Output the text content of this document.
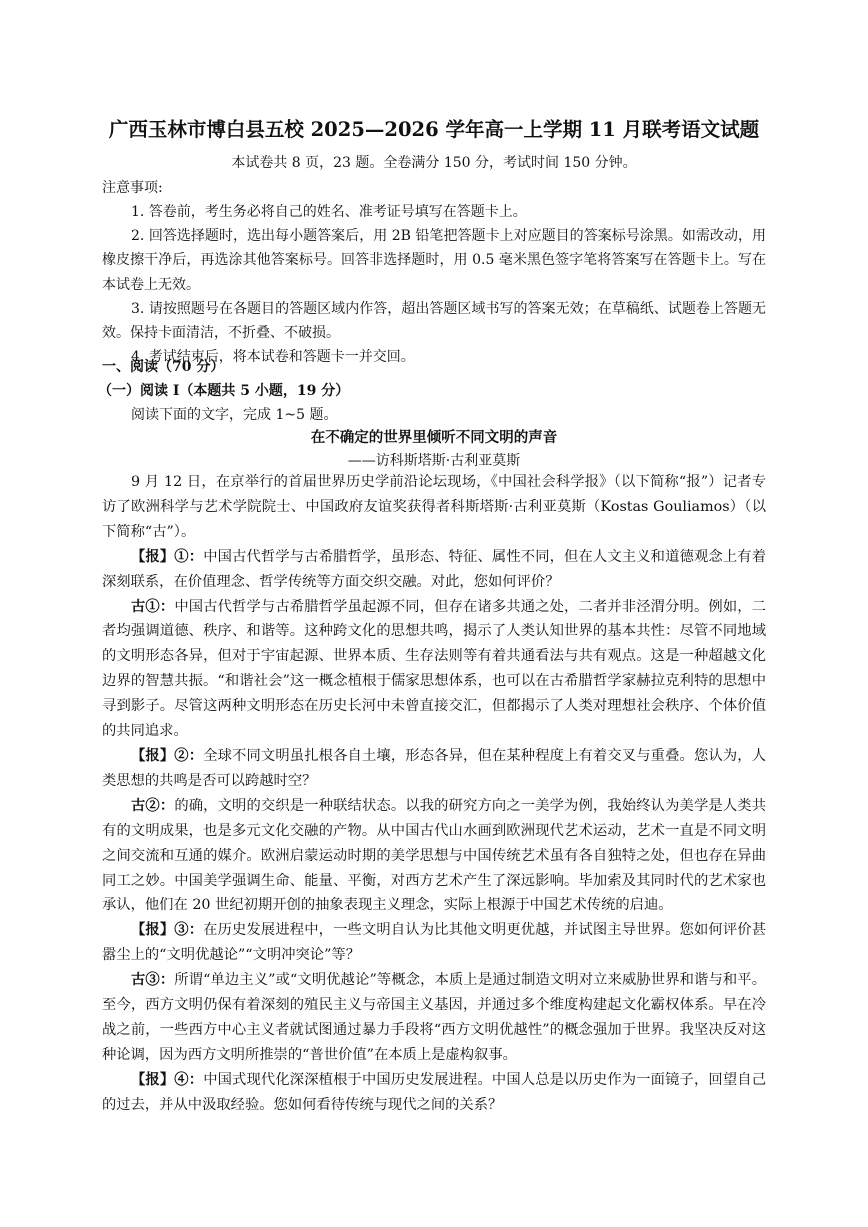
广西玉林市博白县五校 2025—2026 学年高一上学期 11 月联考语文试题
本试卷共 8 页，23 题。全卷满分 150 分，考试时间 150 分钟。

注意事项:

1. 答卷前，考生务必将自己的姓名、准考证号填写在答题卡上。

2. 回答选择题时，选出每小题答案后，用 2B 铅笔把答题卡上对应题目的答案标号涂黑。如需改动，用橡皮擦干净后，再选涂其他答案标号。回答非选择题时，用 0.5 毫米黑色签字笔将答案写在答题卡上。写在本试卷上无效。

3. 请按照题号在各题目的答题区域内作答，超出答题区域书写的答案无效；在草稿纸、试题卷上答题无效。保持卡面清洁，不折叠、不破损。

4. 考试结束后，将本试卷和答题卡一并交回。

一、阅读（70 分）

（一）阅读 I（本题共 5 小题，19 分）

阅读下面的文字，完成 1~5 题。

在不确定的世界里倾听不同文明的声音
——访科斯塔斯·古利亚莫斯

9 月 12 日，在京举行的首届世界历史学前沿论坛现场，《中国社会科学报》（以下简称“报”）记者专访了欧洲科学与艺术学院院士、中国政府友谊奖获得者科斯塔斯·古利亚莫斯（Kostas Gouliamos）（以下简称“古”）。

【报】①：中国古代哲学与古希腊哲学，虽形态、特征、属性不同，但在人文主义和道德观念上有着深刻联系，在价值理念、哲学传统等方面交织交融。对此，您如何评价？

古①：中国古代哲学与古希腊哲学虽起源不同，但存在诸多共通之处，二者并非泾渭分明。例如，二者均强调道德、秩序、和谐等。这种跨文化的思想共鸣，揭示了人类认知世界的基本共性：尽管不同地域的文明形态各异，但对于宇宙起源、世界本质、生存法则等有着共通看法与共有观点。这是一种超越文化边界的智慧共振。“和谐社会”这一概念植根于儒家思想体系，也可以在古希腊哲学家赫拉克利特的思想中寻到影子。尽管这两种文明形态在历史长河中未曾直接交汇，但都揭示了人类对理想社会秩序、个体价值的共同追求。

【报】②：全球不同文明虽扎根各自土壤，形态各异，但在某种程度上有着交叉与重叠。您认为，人类思想的共鸣是否可以跨越时空？

古②：的确，文明的交织是一种联结状态。以我的研究方向之一美学为例，我始终认为美学是人类共有的文明成果，也是多元文化交融的产物。从中国古代山水画到欧洲现代艺术运动，艺术一直是不同文明之间交流和互通的媒介。欧洲启蒙运动时期的美学思想与中国传统艺术虽有各自独特之处，但也存在异曲同工之妙。中国美学强调生命、能量、平衡，对西方艺术产生了深远影响。毕加索及其同时代的艺术家也承认，他们在 20 世纪初期开创的抽象表现主义理念，实际上根源于中国艺术传统的启迪。

【报】③：在历史发展进程中，一些文明自认为比其他文明更优越，并试图主导世界。您如何评价甚嚣尘上的“文明优越论”“文明冲突论”等？

古③：所谓“单边主义”或“文明优越论”等概念，本质上是通过制造文明对立来威胁世界和谐与和平。至今，西方文明仍保有着深刻的殖民主义与帝国主义基因，并通过多个维度构建起文化霸权体系。早在冷战之前，一些西方中心主义者就试图通过暴力手段将“西方文明优越性”的概念强加于世界。我坚决反对这种论调，因为西方文明所推崇的“普世价值”在本质上是虚构叙事。

【报】④：中国式现代化深深植根于中国历史发展进程。中国人总是以历史作为一面镜子，回望自己的过去，并从中汲取经验。您如何看待传统与现代之间的关系？
